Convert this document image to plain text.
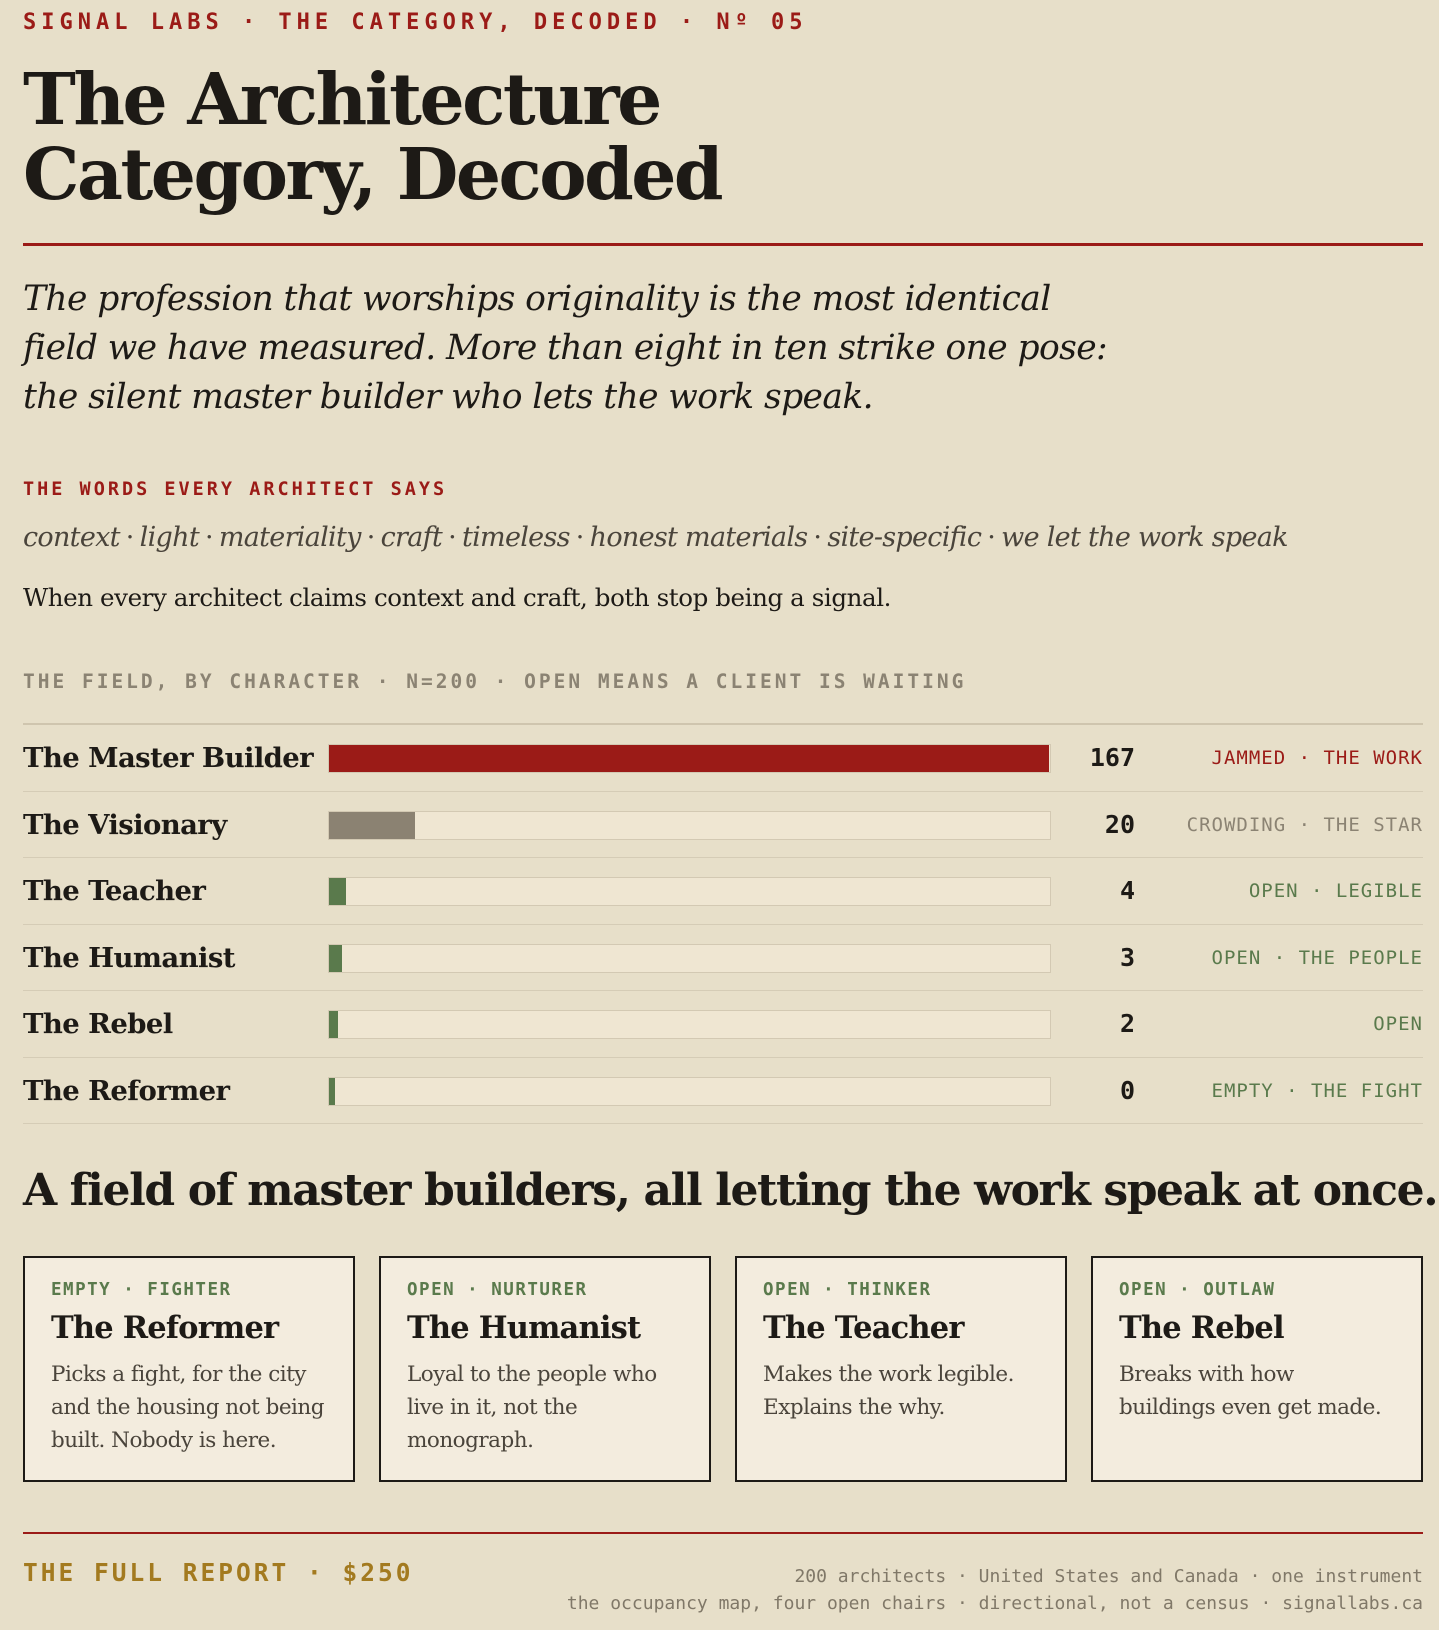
SIGNAL LABS · THE CATEGORY, DECODED · Nº 05
The Architecture
Category, Decoded

The profession that worships originality is the most identical
field we have measured. More than eight in ten strike one pose:
the silent master builder who lets the work speak.

THE WORDS EVERY ARCHITECT SAYS
context · light · materiality · craft · timeless · honest materials · site-specific · we let the work speak
When every architect claims context and craft, both stop being a signal.
THE FIELD, BY CHARACTER · N=200 · OPEN MEANS A CLIENT IS WAITING
The Master Builder	167	JAMMED · THE WORK
The Visionary	20	CROWDING · THE STAR
The Teacher	4	OPEN · LEGIBLE
The Humanist	3	OPEN · THE PEOPLE
The Rebel	2	OPEN
The Reformer	0	EMPTY · THE FIGHT
A field of master builders, all letting the work speak at once.
EMPTY · FIGHTER
The Reformer
Picks a fight, for the city and the housing not being built. Nobody is here.
OPEN · NURTURER
The Humanist
Loyal to the people who live in it, not the monograph.
OPEN · THINKER
The Teacher
Makes the work legible. Explains the why.
OPEN · OUTLAW
The Rebel
Breaks with how buildings even get made.
THE FULL REPORT · $250	200 architects · United States and Canada · one instrument
the occupancy map, four open chairs · directional, not a census · signallabs.ca
